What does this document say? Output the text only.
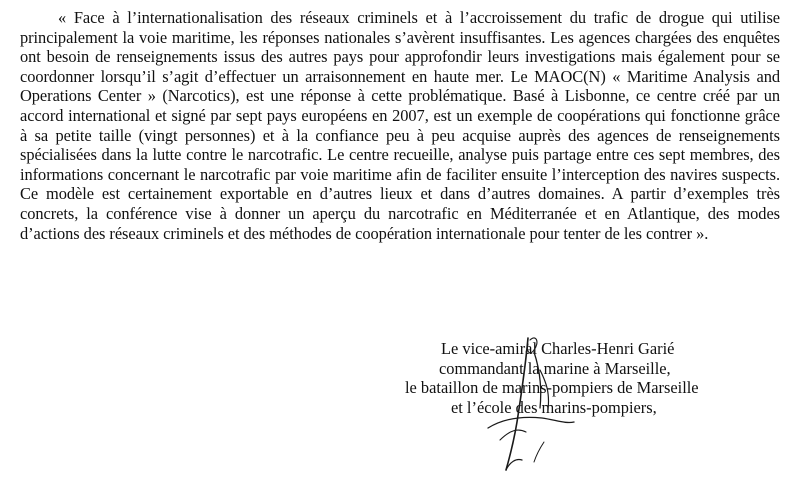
« Face à l’internationalisation des réseaux criminels et à l’accroissement du trafic de drogue qui utilise principalement la voie maritime, les réponses nationales s’avèrent insuffisantes. Les agences chargées des enquêtes ont besoin de renseignements issus des autres pays pour approfondir leurs investigations mais également pour se coordonner lorsqu’il s’agit d’effectuer un arraisonnement en haute mer. Le MAOC(N) « Maritime Analysis and Operations Center » (Narcotics), est une réponse à cette problématique. Basé à Lisbonne, ce centre créé par un accord international et signé par sept pays européens en 2007, est un exemple de coopérations qui fonctionne grâce à sa petite taille (vingt personnes) et à la confiance peu à peu acquise auprès des agences de renseignements spécialisées dans la lutte contre le narcotrafic. Le centre recueille, analyse puis partage entre ces sept membres, des informations concernant le narcotrafic par voie maritime afin de faciliter ensuite l’interception des navires suspects. Ce modèle est certainement exportable en d’autres lieux et dans d’autres domaines. A partir d’exemples très concrets, la conférence vise à donner un aperçu du narcotrafic en Méditerranée et en Atlantique, des modes d’actions des réseaux criminels et des méthodes de coopération internationale pour tenter de les contrer ».

Le vice-amiral Charles-Henri Garié
commandant la marine à Marseille,
le bataillon de marins-pompiers de Marseille
et l’école des marins-pompiers,
